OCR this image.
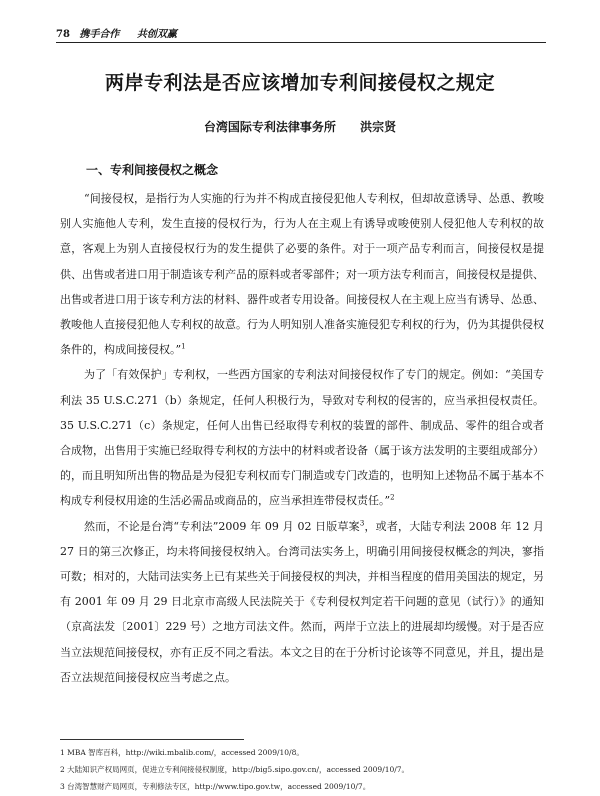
78 携手合作 共创双赢
两岸专利法是否应该增加专利间接侵权之规定
台湾国际专利法律事务所 洪宗贤
一、专利间接侵权之概念

“间接侵权，是指行为人实施的行为并不构成直接侵犯他人专利权，但却故意诱导、怂恿、教唆别人实施他人专利，发生直接的侵权行为，行为人在主观上有诱导或唆使别人侵犯他人专利权的故意，客观上为别人直接侵权行为的发生提供了必要的条件。对于一项产品专利而言，间接侵权是提供、出售或者进口用于制造该专利产品的原料或者零部件；对一项方法专利而言，间接侵权是提供、出售或者进口用于该专利方法的材料、器件或者专用设备。间接侵权人在主观上应当有诱导、怂恿、教唆他人直接侵犯他人专利权的故意。行为人明知别人准备实施侵犯专利权的行为，仍为其提供侵权条件的，构成间接侵权。”$^1$

为了「有效保护」专利权，一些西方国家的专利法对间接侵权作了专门的规定。例如：“美国专利法 35 U.S.C.271（b）条规定，任何人积极行为，导致对专利权的侵害的，应当承担侵权责任。35 U.S.C.271（c）条规定，任何人出售已经取得专利权的装置的部件、制成品、零件的组合或者合成物，出售用于实施已经取得专利权的方法中的材料或者设备（属于该方法发明的主要组成部分）的，而且明知所出售的物品是为侵犯专利权而专门制造或专门改造的，也明知上述物品不属于基本不构成专利侵权用途的生活必需品或商品的，应当承担连带侵权责任。”$^2$

然而，不论是台湾“专利法”2009 年 09 月 02 日版草案$^3$，或者，大陆专利法 2008 年 12 月 27 日的第三次修正，均未将间接侵权纳入。台湾司法实务上，明确引用间接侵权概念的判决，寥指可数；相对的，大陆司法实务上已有某些关于间接侵权的判决，并相当程度的借用美国法的规定，另有 2001 年 09 月 29 日北京市高级人民法院关于《专利侵权判定若干问题的意见（试行）》的通知（京高法发〔2001〕229 号）之地方司法文件。然而，两岸于立法上的进展却均缓慢。对于是否应当立法规范间接侵权，亦有正反不同之看法。本文之目的在于分析讨论该等不同意见，并且，提出是否立法规范间接侵权应当考虑之点。

1 MBA 智库百科，http://wiki.mbalib.com/，accessed 2009/10/8。
2 大陆知识产权局网页，促进立专利间接侵权制度，http://big5.sipo.gov.cn/，accessed 2009/10/7。
3 台湾智慧财产局网页，专利修法专区，http://www.tipo.gov.tw，accessed 2009/10/7。
